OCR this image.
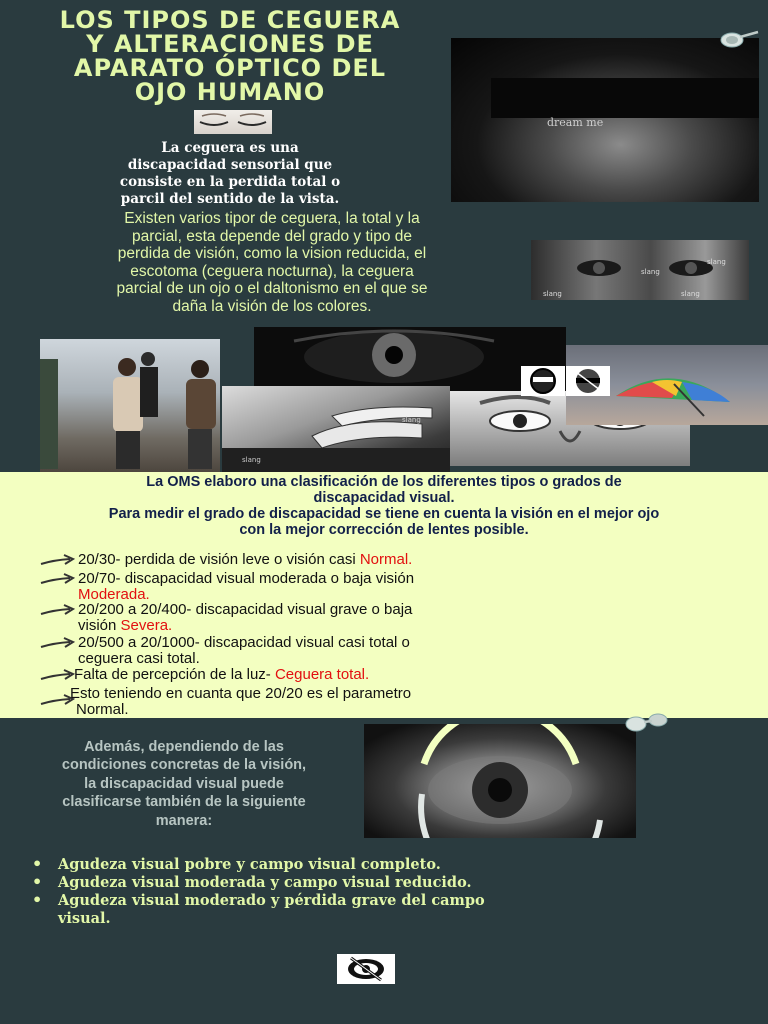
LOS TIPOS DE CEGUERA
Y ALTERACIONES DE
APARATO ÓPTICO DEL
OJO HUMANO
La ceguera es una
discapacidad sensorial que
consiste en la perdida total o
parcil del sentido de la vista.
dream me
Existen varios tipor de ceguera, la total y la
parcial, esta depende del grado y tipo de
perdida de visión, como la vision reducida, el
escotoma (ceguera nocturna), la ceguera
parcial de un ojo o el daltonismo en el que se
daña la visión de los colores.
slang
slang
slang	slang
slang
slang
La OMS elaboro una clasificación de los diferentes tipos o grados de
discapacidad visual.
Para medir el grado de discapacidad se tiene en cuenta la visión en el mejor ojo
con la mejor corrección de lentes posible.
20/30- perdida de visión leve o visión casi Normal.
20/70- discapacidad visual moderada o baja visión
Moderada.
20/200 a 20/400- discapacidad visual grave o baja
visión Severa.
20/500 a 20/1000- discapacidad visual casi total o
ceguera casi total.
Falta de percepción de la luz- Ceguera total.
Esto teniendo en cuanta que 20/20 es el parametro
Normal.
Además, dependiendo de las
condiciones concretas de la visión,
la discapacidad visual puede
clasificarse también de la siguiente
manera:
• Agudeza visual pobre y campo visual completo.
• Agudeza visual moderada y campo visual reducido.
• Agudeza visual moderado y pérdida grave del campo
visual.
